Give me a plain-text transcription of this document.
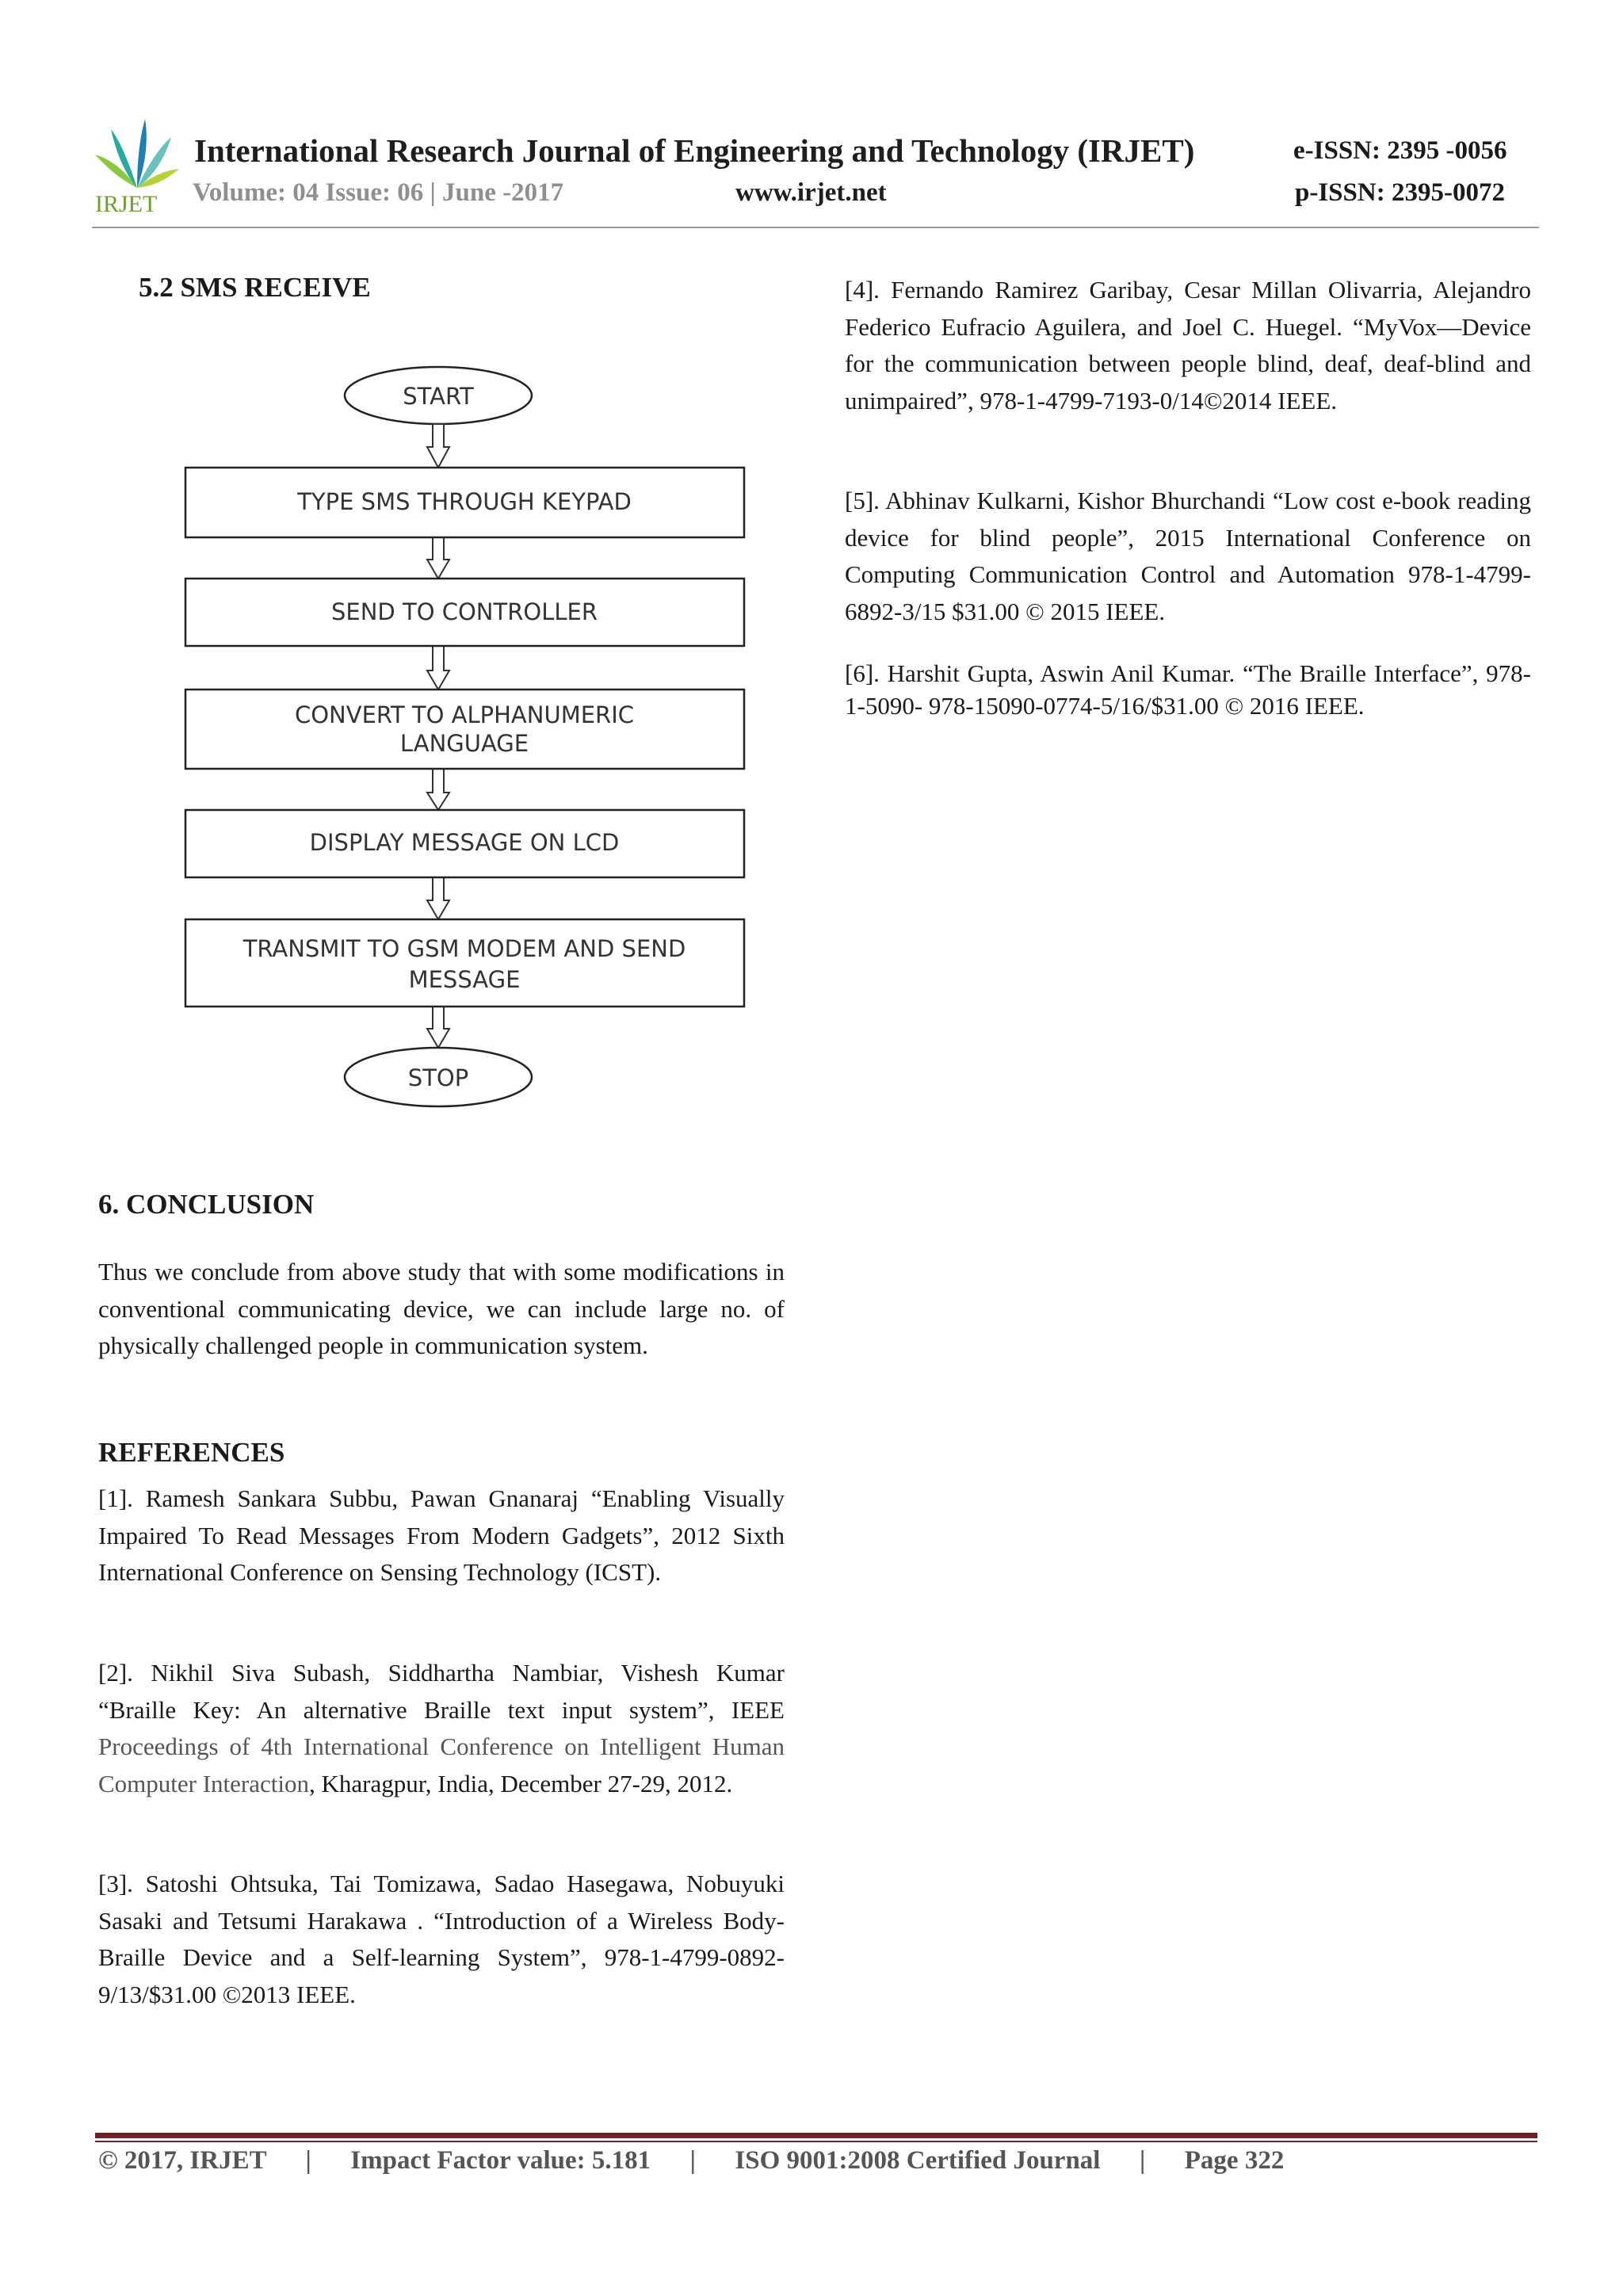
IRJET
International Research Journal of Engineering and Technology (IRJET)	e-ISSN: 2395 -0056
Volume: 04 Issue: 06 | June -2017	www.irjet.net	p-ISSN: 2395-0072
5.2 SMS RECEIVE
START
TYPE SMS THROUGH KEYPAD
SEND TO CONTROLLER
CONVERT TO ALPHANUMERIC
LANGUAGE
DISPLAY MESSAGE ON LCD
TRANSMIT TO GSM MODEM AND SEND
MESSAGE
STOP
6. CONCLUSION
Thus we conclude from above study that with some modifications in conventional communicating device, we can include large no. of physically challenged people in communication system.
REFERENCES
[1]. Ramesh Sankara Subbu, Pawan Gnanaraj “Enabling Visually Impaired To Read Messages From Modern Gadgets”, 2012 Sixth International Conference on Sensing Technology (ICST).
[2]. Nikhil Siva Subash, Siddhartha Nambiar, Vishesh Kumar “Braille Key: An alternative Braille text input system”, IEEE Proceedings of 4th International Conference on Intelligent Human Computer Interaction, Kharagpur, India, December 27-29, 2012.
[3]. Satoshi Ohtsuka, Tai Tomizawa, Sadao Hasegawa, Nobuyuki Sasaki and Tetsumi Harakawa . “Introduction of a Wireless Body-Braille Device and a Self-learning System”, 978-1-4799-0892-9/13/$31.00 ©2013 IEEE.
[4]. Fernando Ramirez Garibay, Cesar Millan Olivarria, Alejandro Federico Eufracio Aguilera, and Joel C. Huegel. “MyVox—Device for the communication between people blind, deaf, deaf-blind and unimpaired”, 978-1-4799-7193-0/14©2014 IEEE.
[5]. Abhinav Kulkarni, Kishor Bhurchandi “Low cost e-book reading device for blind people”, 2015 International Conference on Computing Communication Control and Automation 978-1-4799-6892-3/15 $31.00 © 2015 IEEE.
[6]. Harshit Gupta, Aswin Anil Kumar. “The Braille Interface”, 978-1-5090- 978-15090-0774-5/16/$31.00 © 2016 IEEE.
© 2017, IRJET      |      Impact Factor value: 5.181      |      ISO 9001:2008 Certified Journal      |      Page 322
